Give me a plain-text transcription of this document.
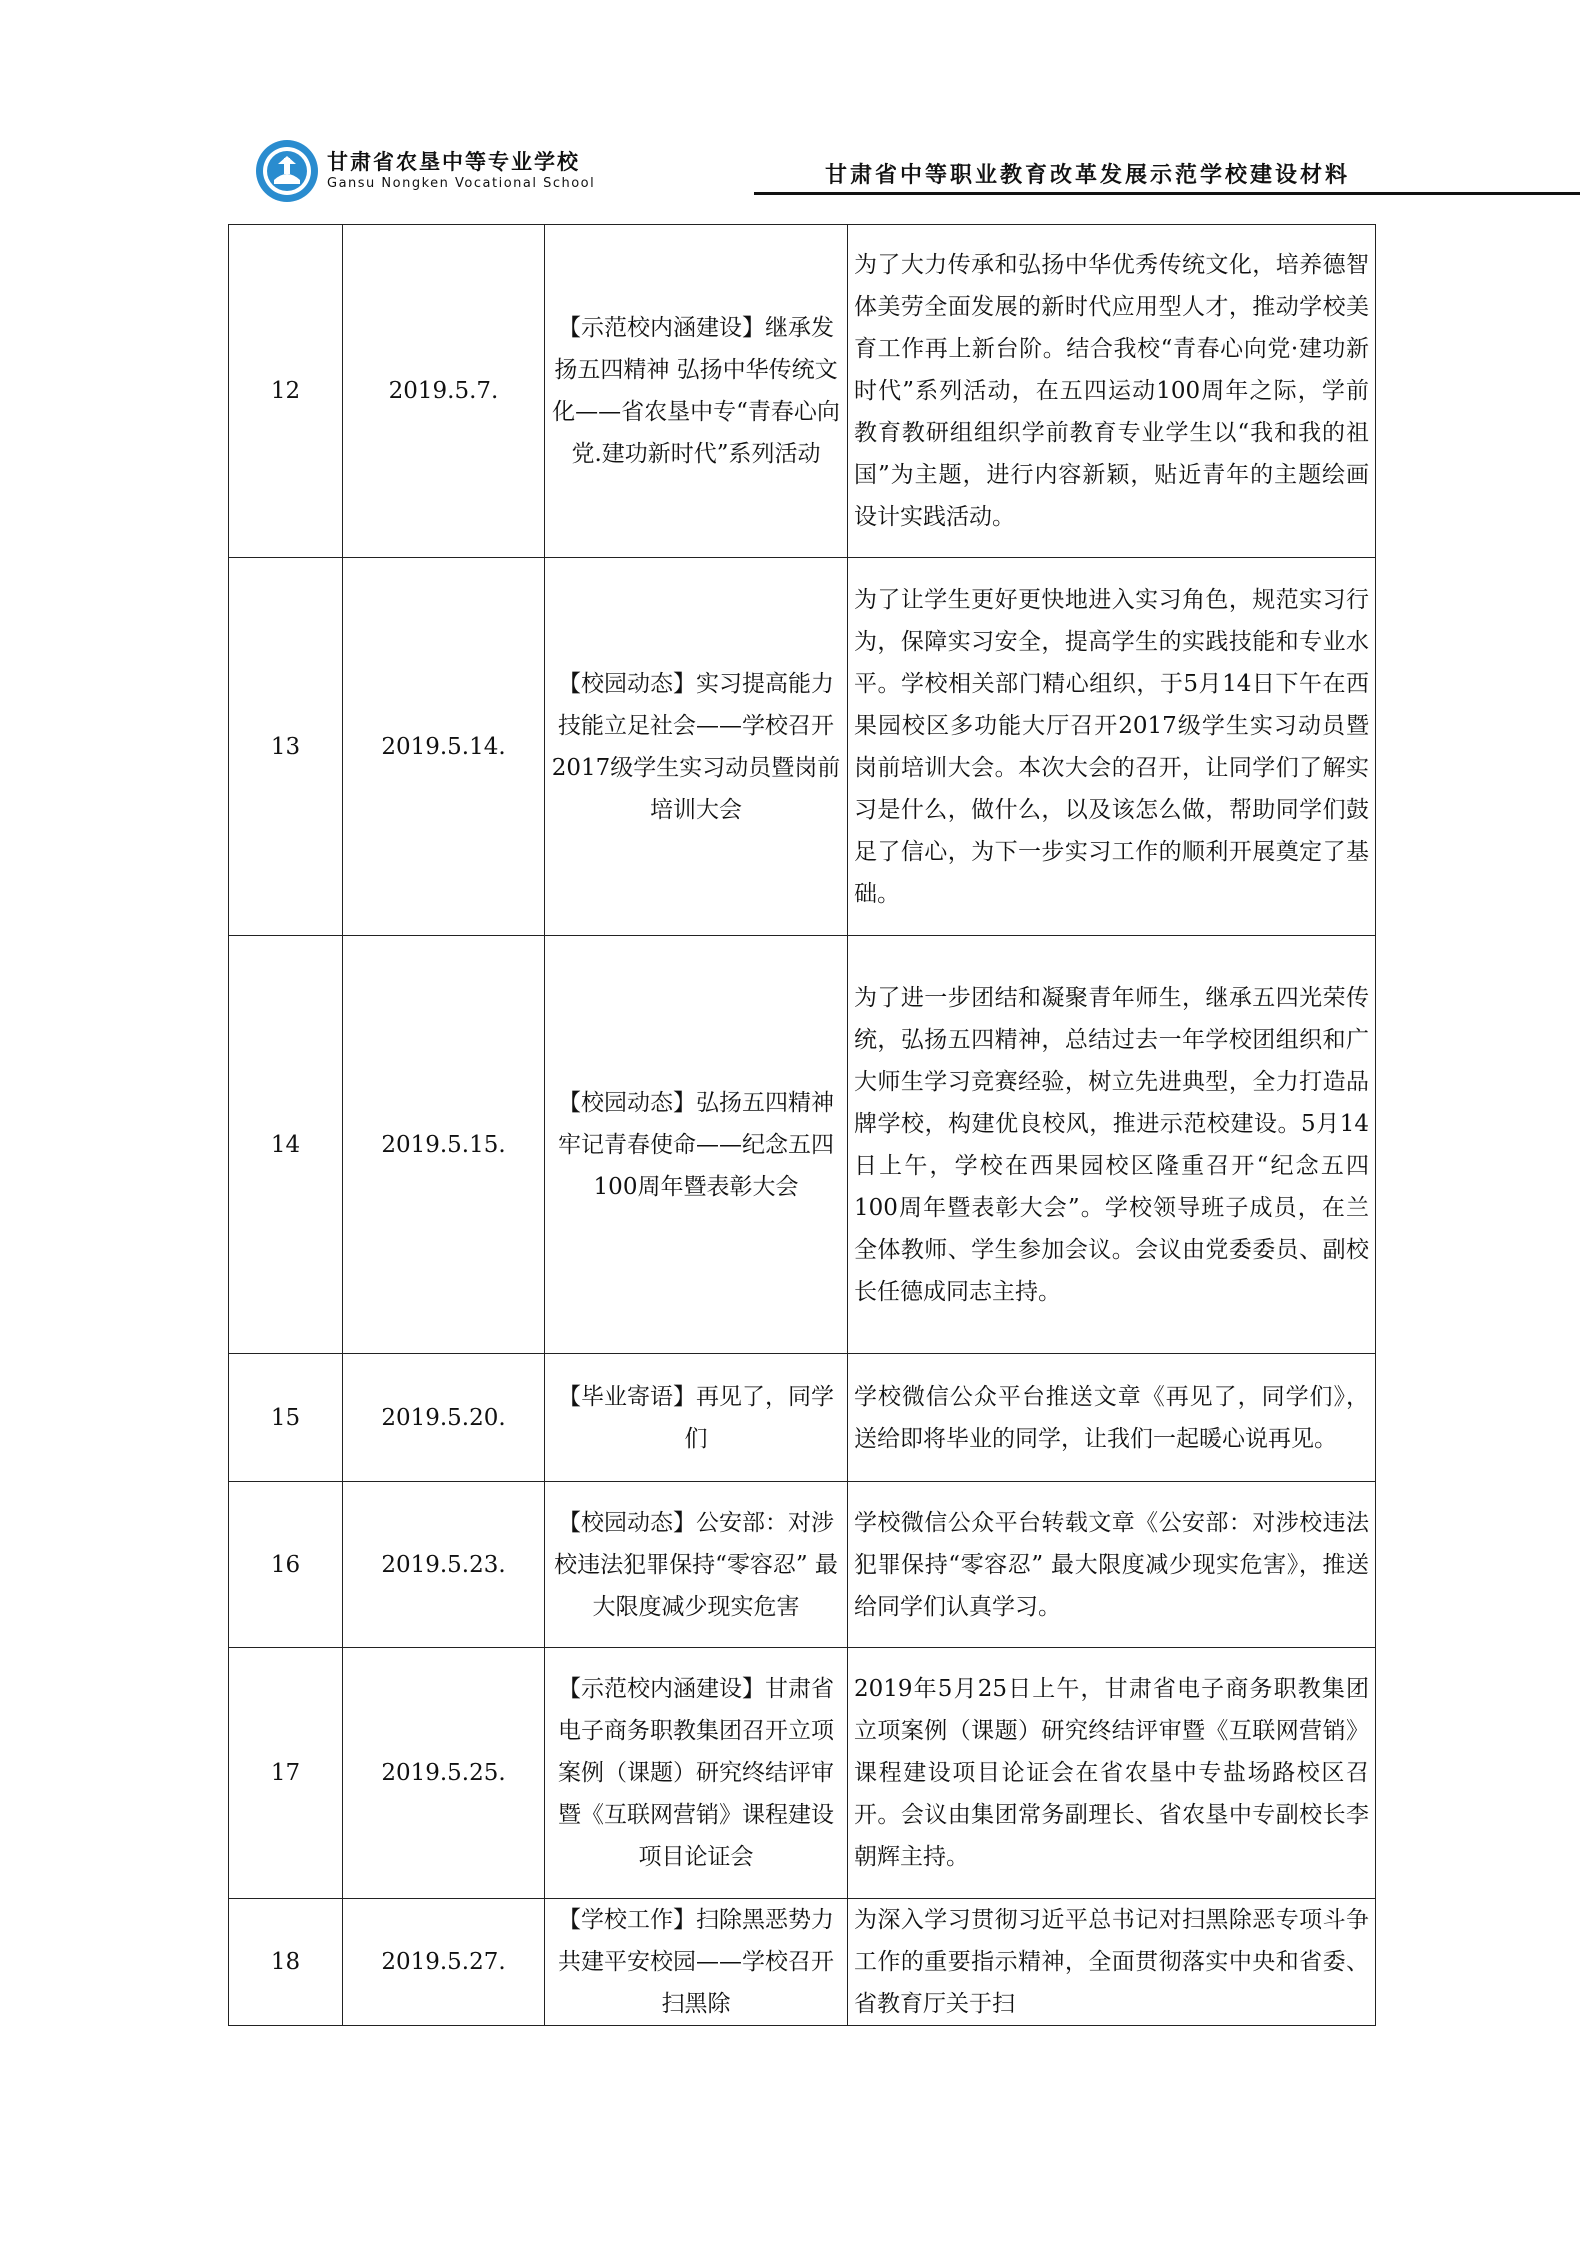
甘肃省农垦中等专业学校
Gansu Nongken Vocational School	甘肃省中等职业教育改革发展示范学校建设材料
12	2019.5.7.	【示范校内涵建设】继承发扬五四精神 弘扬中华传统文化——省农垦中专“青春心向党.建功新时代”系列活动	为了大力传承和弘扬中华优秀传统文化，培养德智体美劳全面发展的新时代应用型人才，推动学校美育工作再上新台阶。结合我校“青春心向党·建功新时代”系列活动，在五四运动100周年之际，学前教育教研组组织学前教育专业学生以“我和我的祖国”为主题，进行内容新颖，贴近青年的主题绘画设计实践活动。
13	2019.5.14.	【校园动态】实习提高能力 技能立足社会——学校召开2017级学生实习动员暨岗前培训大会	为了让学生更好更快地进入实习角色，规范实习行为，保障实习安全，提高学生的实践技能和专业水平。学校相关部门精心组织，于5月14日下午在西果园校区多功能大厅召开2017级学生实习动员暨岗前培训大会。本次大会的召开，让同学们了解实习是什么，做什么，以及该怎么做，帮助同学们鼓足了信心，为下一步实习工作的顺利开展奠定了基础。
14	2019.5.15.	【校园动态】弘扬五四精神 牢记青春使命——纪念五四100周年暨表彰大会	为了进一步团结和凝聚青年师生，继承五四光荣传统，弘扬五四精神，总结过去一年学校团组织和广大师生学习竞赛经验，树立先进典型，全力打造品牌学校，构建优良校风，推进示范校建设。5月14日上午，学校在西果园校区隆重召开“纪念五四100周年暨表彰大会”。学校领导班子成员，在兰全体教师、学生参加会议。会议由党委委员、副校长任德成同志主持。
15	2019.5.20.	【毕业寄语】再见了，同学们	学校微信公众平台推送文章《再见了，同学们》，送给即将毕业的同学，让我们一起暖心说再见。
16	2019.5.23.	【校园动态】公安部：对涉校违法犯罪保持“零容忍” 最大限度减少现实危害	学校微信公众平台转载文章《公安部：对涉校违法犯罪保持“零容忍” 最大限度减少现实危害》，推送给同学们认真学习。
17	2019.5.25.	【示范校内涵建设】甘肃省电子商务职教集团召开立项 案例（课题）研究终结评审暨《互联网营销》课程建设项目论证会	2019年5月25日上午，甘肃省电子商务职教集团立项案例（课题）研究终结评审暨《互联网营销》课程建设项目论证会在省农垦中专盐场路校区召开。会议由集团常务副理长、省农垦中专副校长李朝辉主持。
18	2019.5.27.	【学校工作】扫除黑恶势力 共建平安校园——学校召开扫黑除	为深入学习贯彻习近平总书记对扫黑除恶专项斗争工作的重要指示精神，全面贯彻落实中央和省委、省教育厅关于扫
